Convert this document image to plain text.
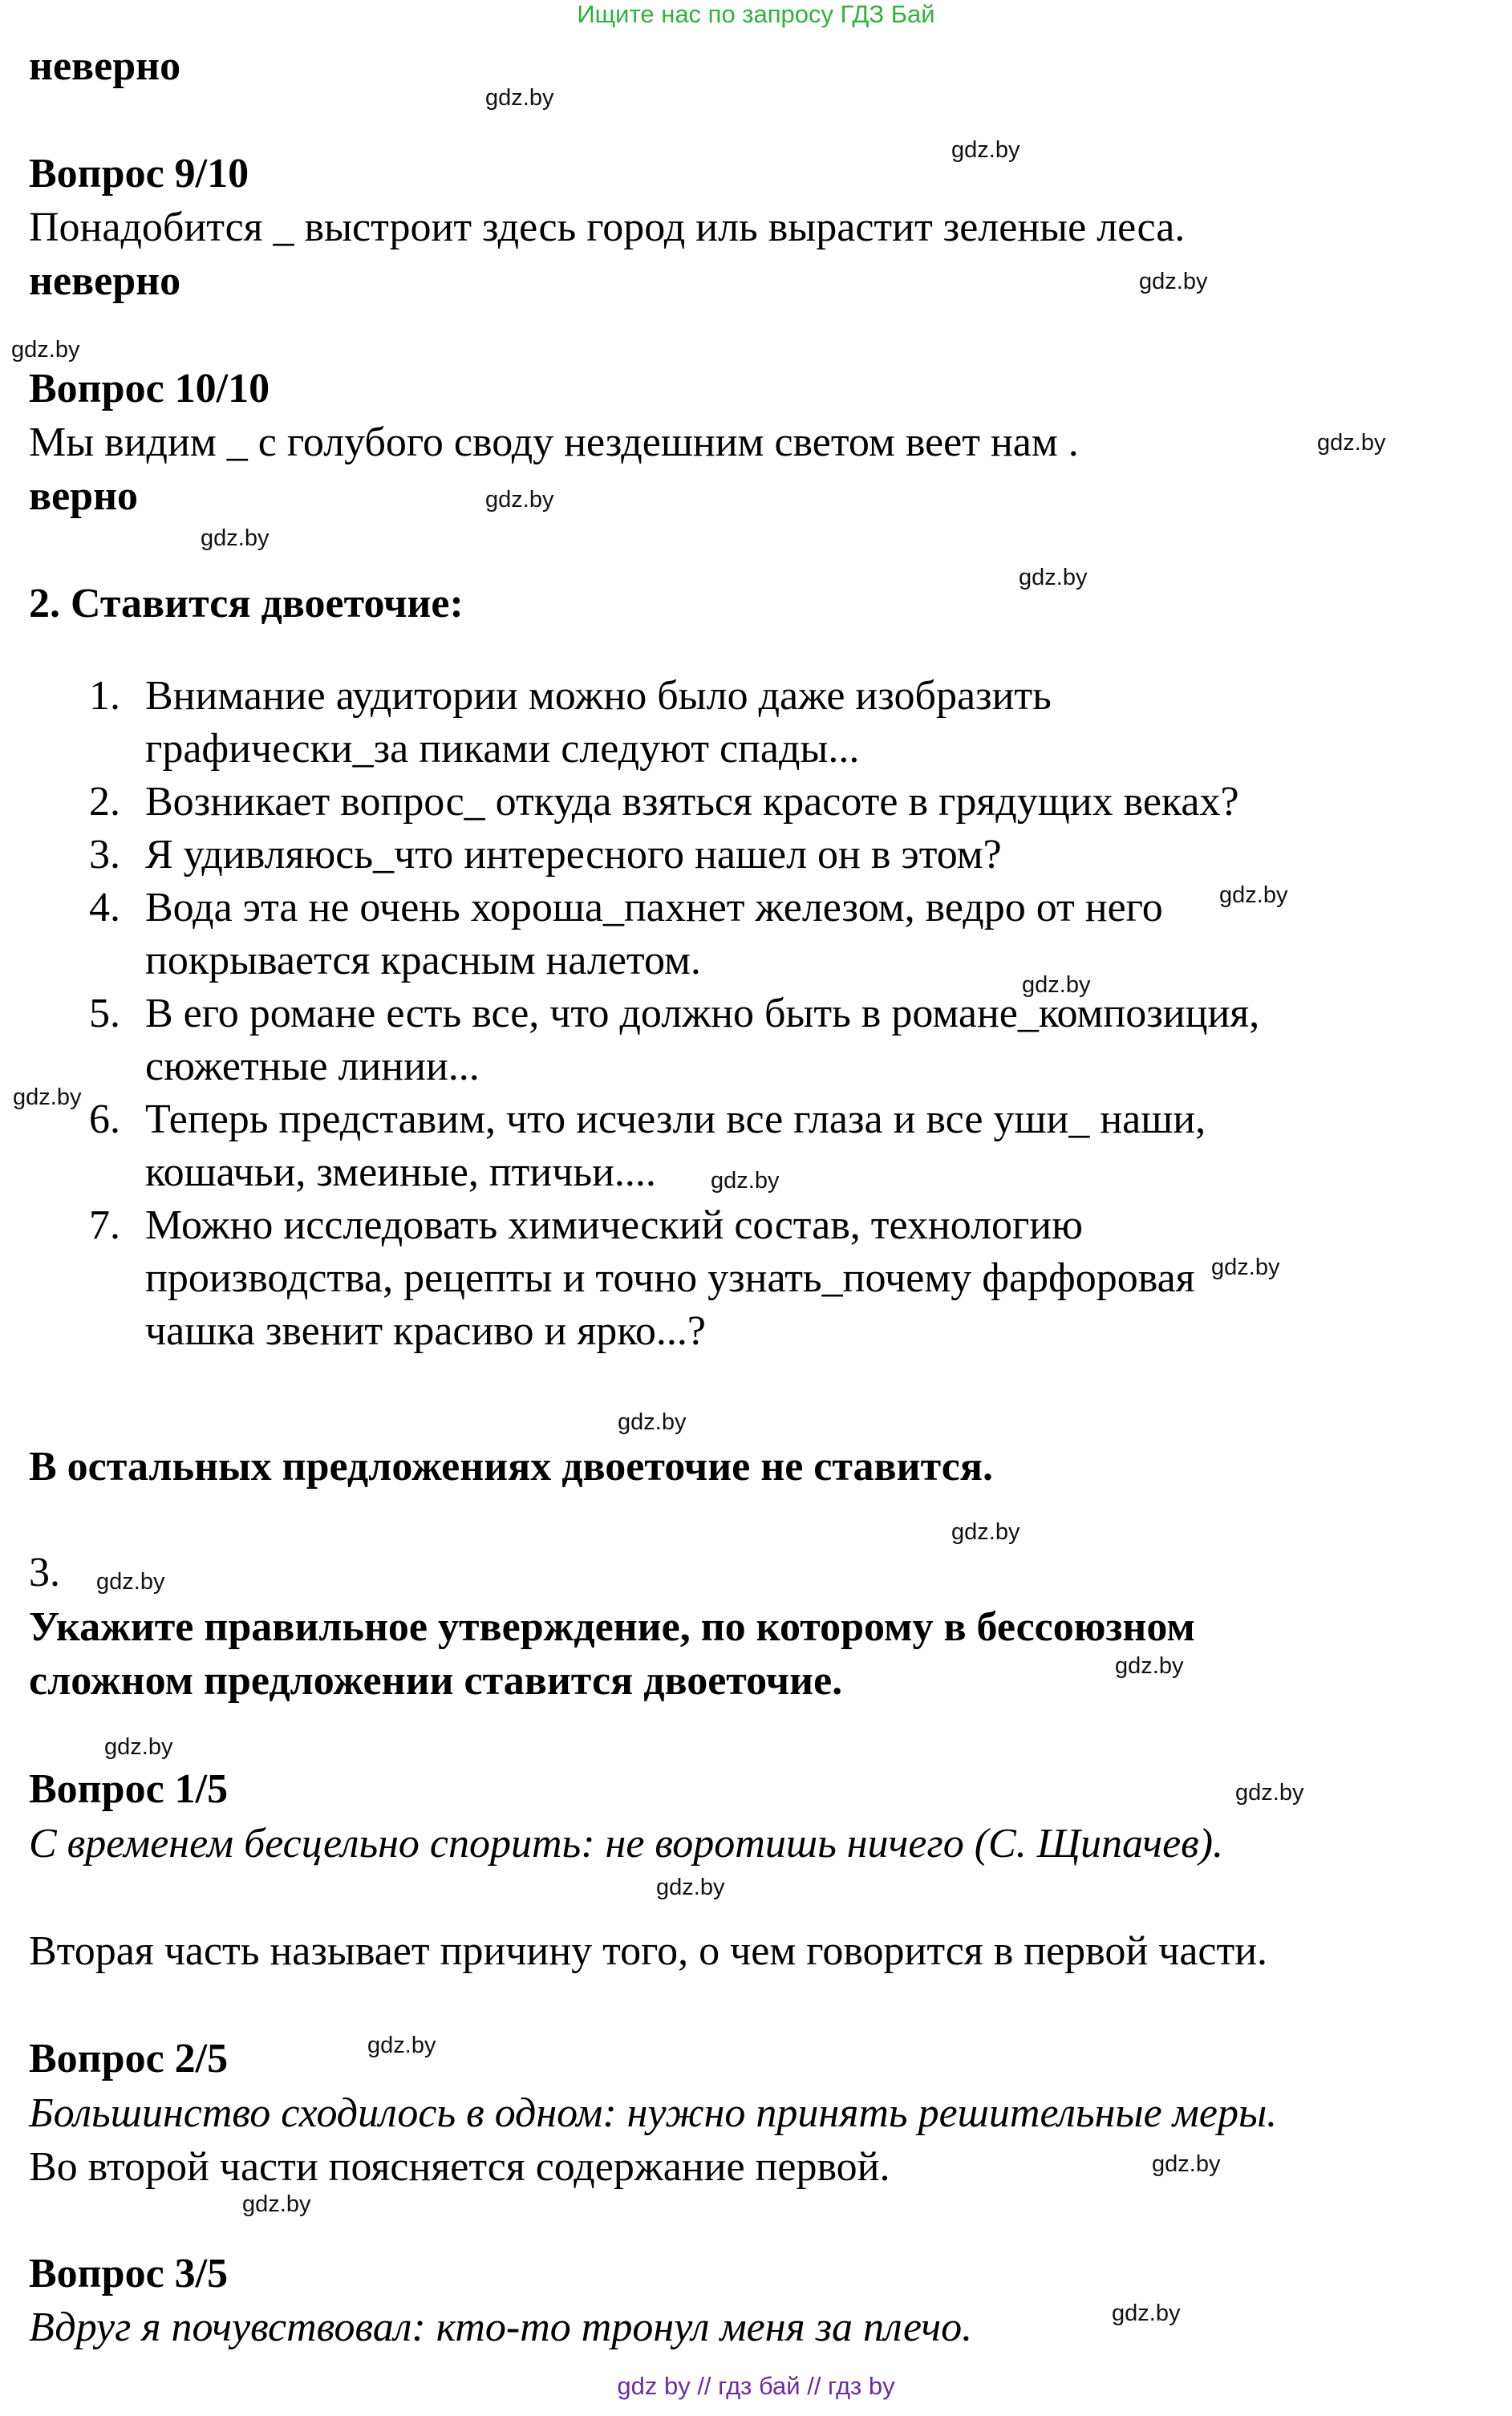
Ищите нас по запросу ГДЗ Бай
неверно
Вопрос 9/10
Понадобится _ выстроит здесь город иль вырастит зеленые леса.
неверно
Вопрос 10/10
Мы видим _ с голубого своду нездешним светом веет нам .
верно
2. Ставится двоеточие:
1. Внимание аудитории можно было даже изобразить
графически_за пиками следуют спады...
2. Возникает вопрос_ откуда взяться красоте в грядущих веках?
3. Я удивляюсь_что интересного нашел он в этом?
4. Вода эта не очень хороша_пахнет железом, ведро от него
покрывается красным налетом.
5. В его романе есть все, что должно быть в романе_композиция,
сюжетные линии...
6. Теперь представим, что исчезли все глаза и все уши_ наши,
кошачьи, змеиные, птичьи....
7. Можно исследовать химический состав, технологию
производства, рецепты и точно узнать_почему фарфоровая
чашка звенит красиво и ярко...?
В остальных предложениях двоеточие не ставится.
3.
Укажите правильное утверждение, по которому в бессоюзном
сложном предложении ставится двоеточие.
Вопрос 1/5
С временем бесцельно спорить: не воротишь ничего (С. Щипачев).
Вторая часть называет причину того, о чем говорится в первой части.
Вопрос 2/5
Большинство сходилось в одном: нужно принять решительные меры.
Во второй части поясняется содержание первой.
Вопрос 3/5
Вдруг я почувствовал: кто-то тронул меня за плечо.
gdz.by
gdz.by
gdz.by
gdz.by
gdz.by
gdz.by
gdz.by
gdz.by
gdz.by
gdz.by
gdz.by
gdz.by
gdz.by
gdz.by
gdz.by
gdz.by
gdz.by
gdz.by
gdz.by
gdz.by
gdz.by
gdz.by
gdz.by
gdz.by
gdz by // гдз бай // гдз by
